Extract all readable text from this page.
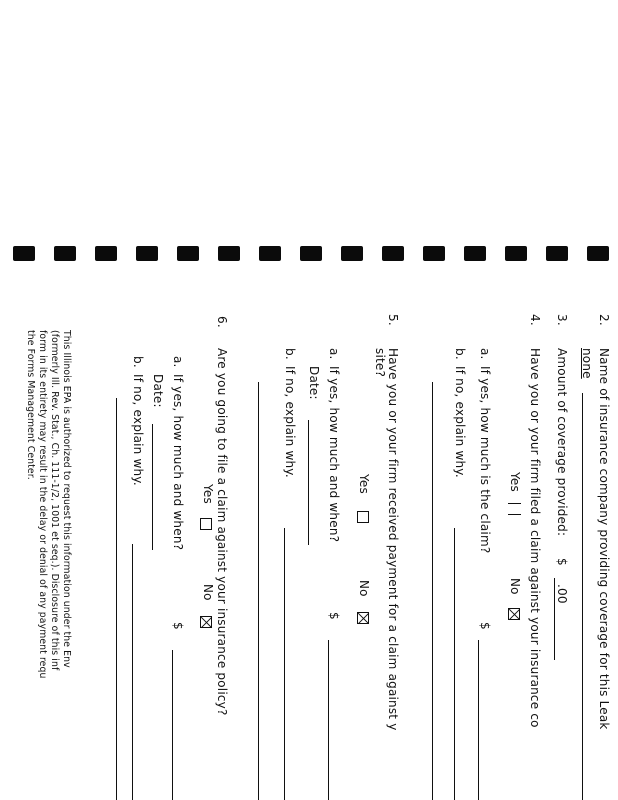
2.
Name of insurance company providing coverage for this Leak
none
3.
Amount of coverage provided:
$
.00
4.
Have you or your firm filed a claim against your insurance co
Yes
No
a.
If yes, how much is the claim?
$
b.
If no, explain why.
5.
Have you or your firm received payment for a claim against y
site?
Yes
No
a.
If yes, how much and when?
$
Date:
b.
If no, explain why.
6.
Are you going to file a claim against your insurance policy?
Yes
No
a.
If yes, how much and when?
$
Date:
b.
If no, explain why.
This Illinois EPA is authorized to request this information under the Env
(formerly Ill. Rev. Stat., Ch. 111-1/2, 1001 et seq.). Disclosure of this inf
form in its entirety may result in the delay or denial of any payment requ
the Forms Management Center.
